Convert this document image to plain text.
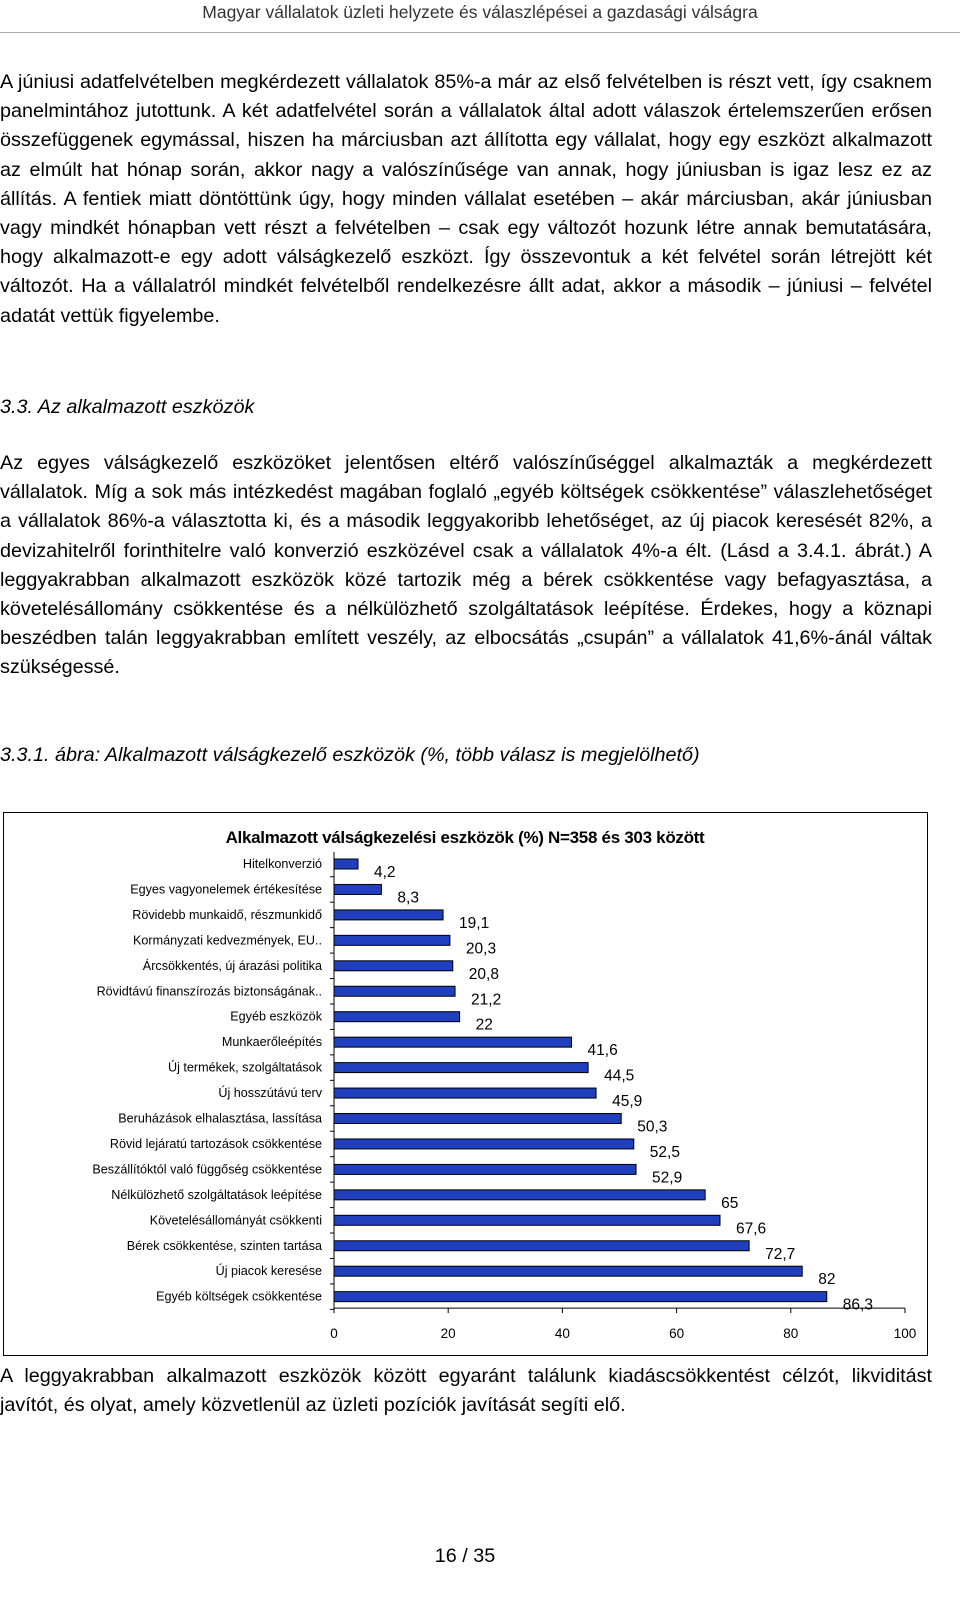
Magyar vállalatok üzleti helyzete és válaszlépései a gazdasági válságra

A júniusi adatfelvételben megkérdezett vállalatok 85%-a már az első felvételben is részt vett, így csaknem panelmintához jutottunk. A két adatfelvétel során a vállalatok által adott válaszok értelemszerűen erősen összefüggenek egymással, hiszen ha márciusban azt állította egy vállalat, hogy egy eszközt alkalmazott az elmúlt hat hónap során, akkor nagy a valószínűsége van annak, hogy júniusban is igaz lesz ez az állítás. A fentiek miatt döntöttünk úgy, hogy minden vállalat esetében – akár márciusban, akár júniusban vagy mindkét hónapban vett részt a felvételben – csak egy változót hozunk létre annak bemutatására, hogy alkalmazott-e egy adott válságkezelő eszközt. Így összevontuk a két felvétel során létrejött két változót. Ha a vállalatról mindkét felvételből rendelkezésre állt adat, akkor a második – júniusi – felvétel adatát vettük figyelembe.

3.3. Az alkalmazott eszközök

Az egyes válságkezelő eszközöket jelentősen eltérő valószínűséggel alkalmazták a megkérdezett vállalatok. Míg a sok más intézkedést magában foglaló „egyéb költségek csökkentése” válaszlehetőséget a vállalatok 86%-a választotta ki, és a második leggyakoribb lehetőséget, az új piacok keresését 82%, a devizahitelről forinthitelre való konverzió eszközével csak a vállalatok 4%-a élt. (Lásd a 3.4.1. ábrát.) A leggyakrabban alkalmazott eszközök közé tartozik még a bérek csökkentése vagy befagyasztása, a követelésállomány csökkentése és a nélkülözhető szolgáltatások leépítése. Érdekes, hogy a köznapi beszédben talán leggyakrabban említett veszély, az elbocsátás „csupán” a vállalatok 41,6%-ánál váltak szükségessé.

3.3.1. ábra: Alkalmazott válságkezelő eszközök (%, több válasz is megjelölhető)

Alkalmazott válságkezelési eszközök (%) N=358 és 303 között
Hitelkonverzió	4,2
Egyes vagyonelemek értékesítése	8,3
Rövidebb munkaidő, részmunkidő	19,1
Kormányzati kedvezmények, EU..	20,3
Árcsökkentés, új árazási politika	20,8
Rövidtávú finanszírozás biztonságának..	21,2
Egyéb eszközök	22
Munkaerőleépítés	41,6
Új termékek, szolgáltatások	44,5
Új hosszútávú terv	45,9
Beruházások elhalasztása, lassítása	50,3
Rövid lejáratú tartozások csökkentése	52,5
Beszállítóktól való függőség csökkentése	52,9
Nélkülözhető szolgáltatások leépítése	65
Követelésállományát csökkenti	67,6
Bérek csökkentése, szinten tartása	72,7
Új piacok keresése	82
Egyéb költségek csökkentése	86,3
0	20	40	60	80	100

A leggyakrabban alkalmazott eszközök között egyaránt találunk kiadáscsökkentést célzót, likviditást javítót, és olyat, amely közvetlenül az üzleti pozíciók javítását segíti elő.

16 / 35
